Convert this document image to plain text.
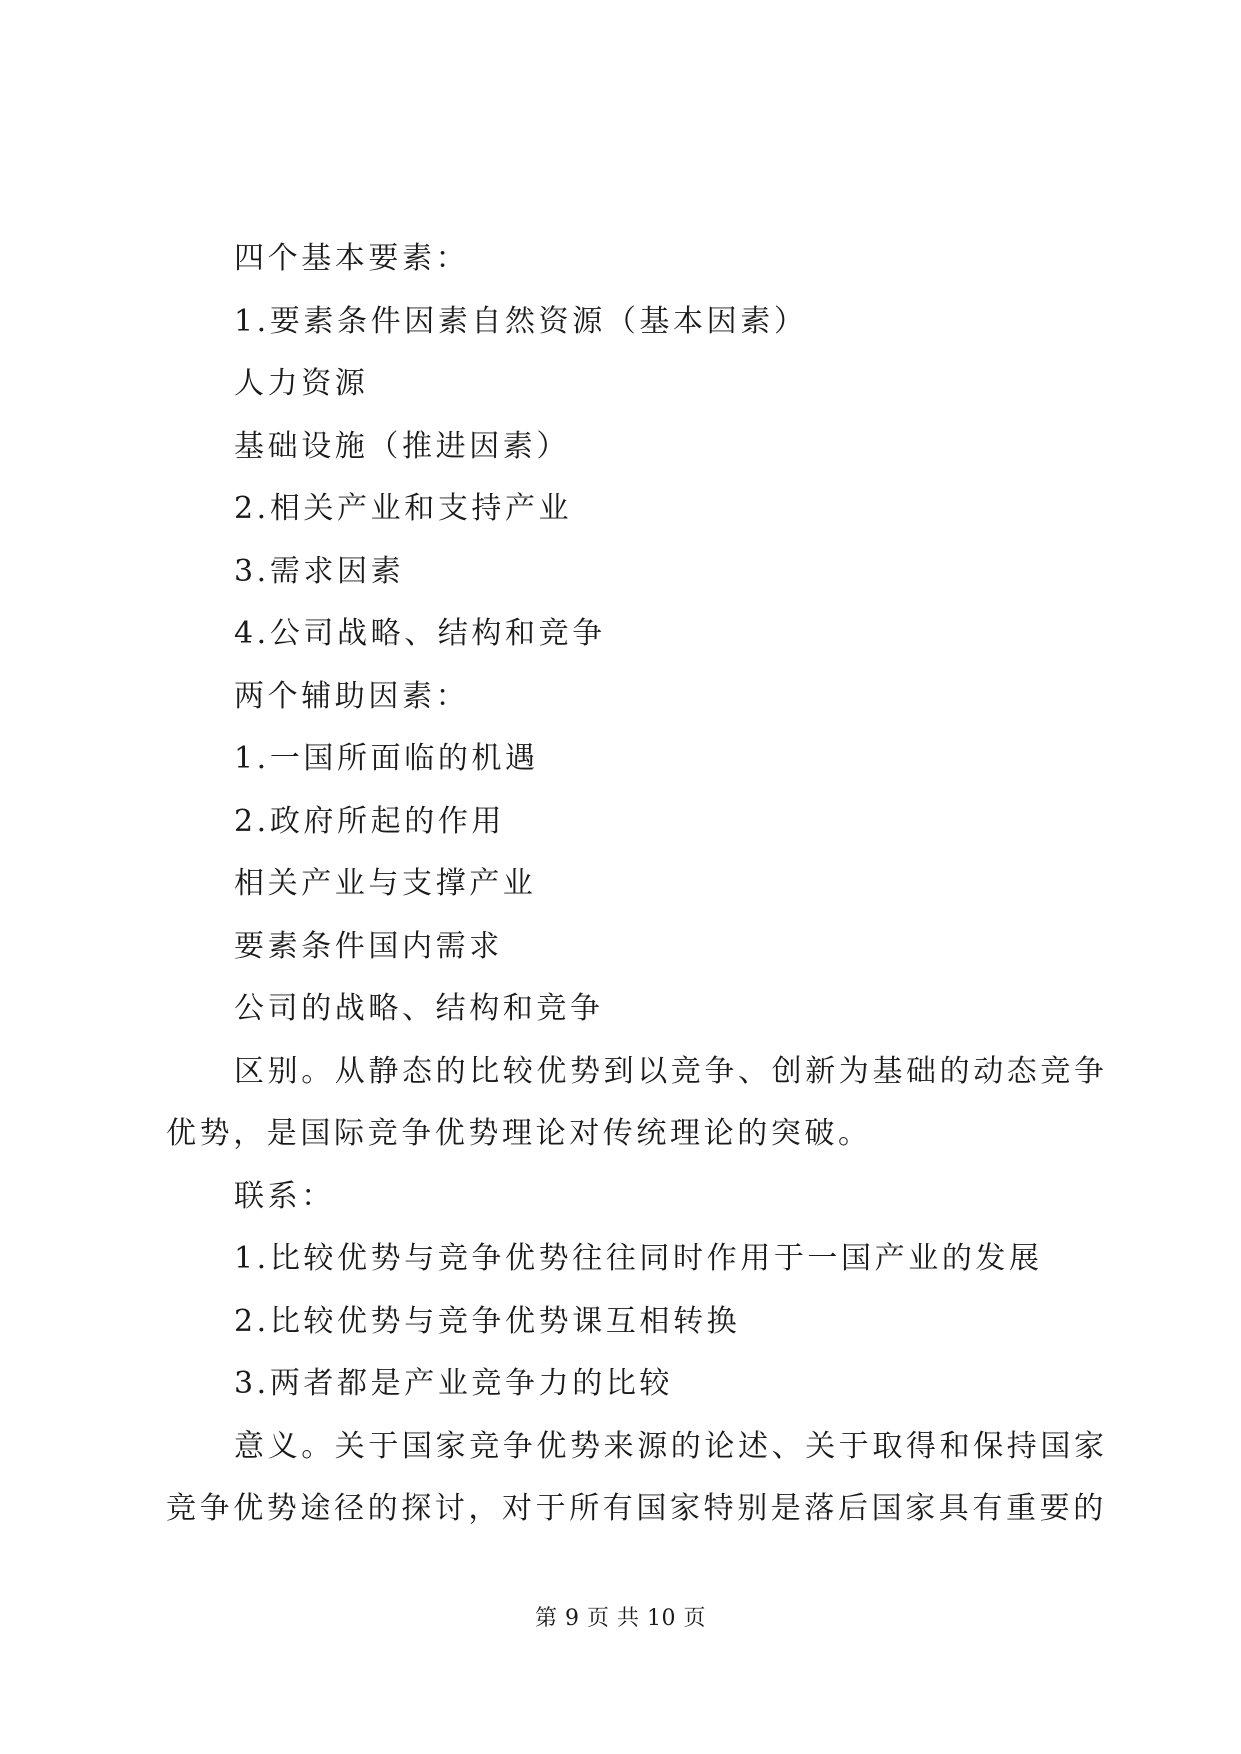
四个基本要素：
1.要素条件因素自然资源（基本因素）
人力资源
基础设施（推进因素）
2.相关产业和支持产业
3.需求因素
4.公司战略、结构和竞争
两个辅助因素：
1.一国所面临的机遇
2.政府所起的作用
相关产业与支撑产业
要素条件国内需求
公司的战略、结构和竞争
区别。从静态的比较优势到以竞争、创新为基础的动态竞争
优势，是国际竞争优势理论对传统理论的突破。
联系：
1.比较优势与竞争优势往往同时作用于一国产业的发展
2.比较优势与竞争优势课互相转换
3.两者都是产业竞争力的比较
意义。关于国家竞争优势来源的论述、关于取得和保持国家
竞争优势途径的探讨，对于所有国家特别是落后国家具有重要的
第 9 页 共 10 页
